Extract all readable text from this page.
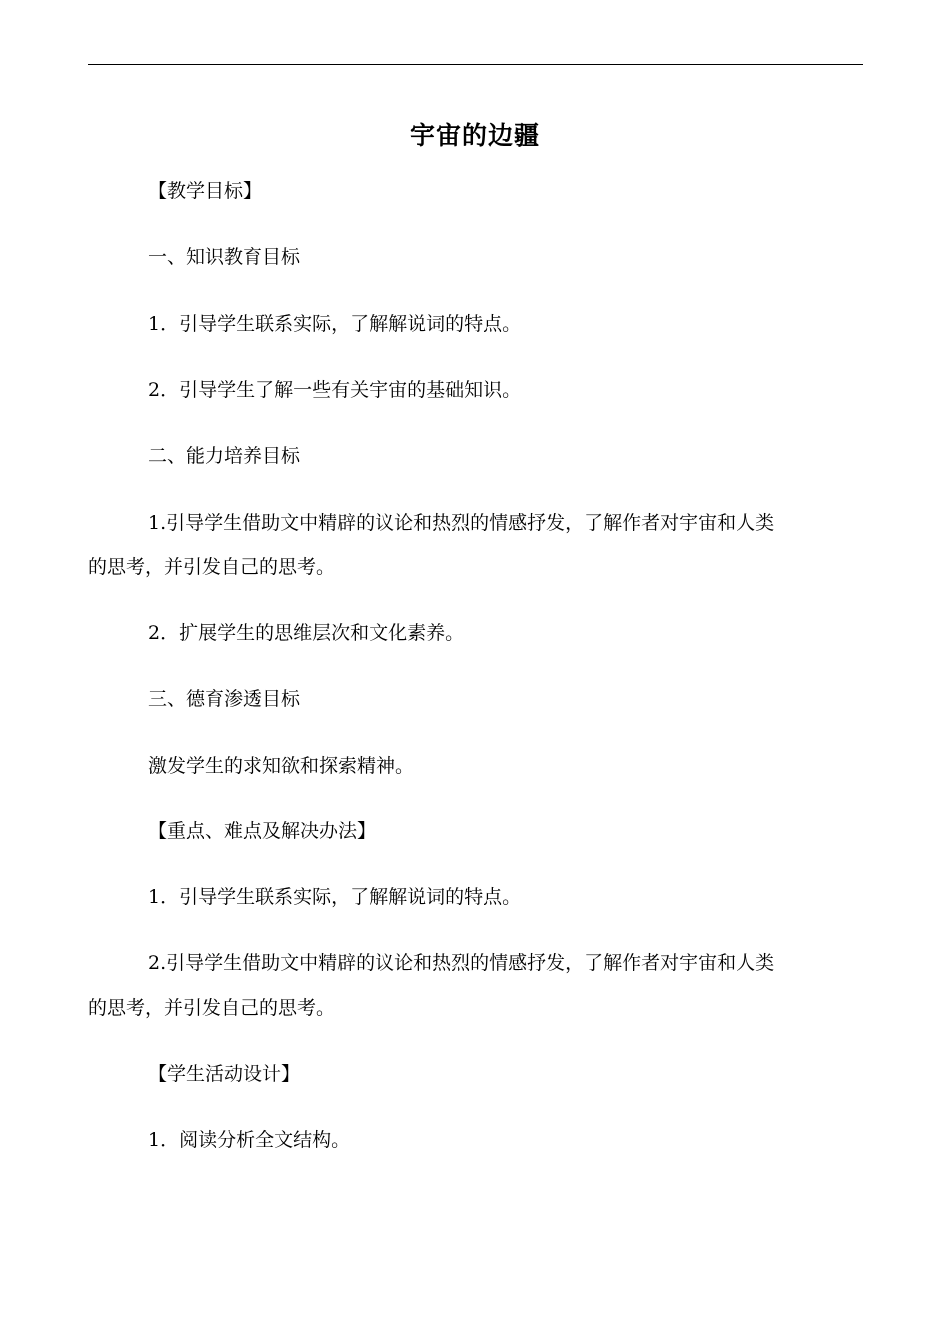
宇宙的边疆
【教学目标】
一、知识教育目标
1．引导学生联系实际，了解解说词的特点。
2．引导学生了解一些有关宇宙的基础知识。
二、能力培养目标
1.引导学生借助文中精辟的议论和热烈的情感抒发，了解作者对宇宙和人类
的思考，并引发自己的思考。
2．扩展学生的思维层次和文化素养。
三、德育渗透目标
激发学生的求知欲和探索精神。
【重点、难点及解决办法】
1．引导学生联系实际，了解解说词的特点。
2.引导学生借助文中精辟的议论和热烈的情感抒发，了解作者对宇宙和人类
的思考，并引发自己的思考。
【学生活动设计】
1．阅读分析全文结构。
